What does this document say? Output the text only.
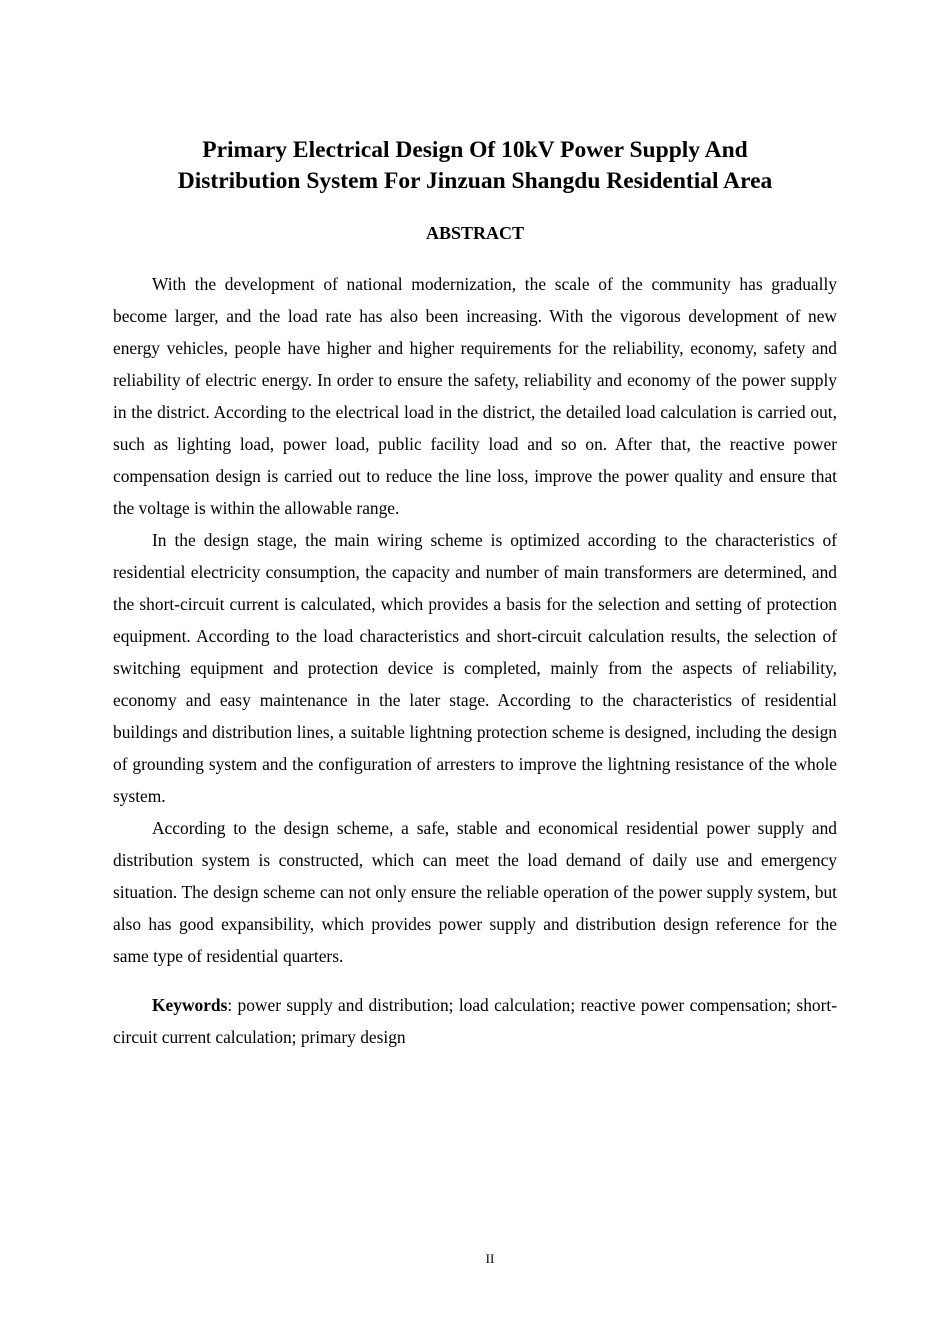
Primary Electrical Design Of 10kV Power Supply And
Distribution System For Jinzuan Shangdu Residential Area
ABSTRACT

With the development of national modernization, the scale of the community has gradually become larger, and the load rate has also been increasing. With the vigorous development of new energy vehicles, people have higher and higher requirements for the reliability, economy, safety and reliability of electric energy. In order to ensure the safety, reliability and economy of the power supply in the district. According to the electrical load in the district, the detailed load calculation is carried out, such as lighting load, power load, public facility load and so on. After that, the reactive power compensation design is carried out to reduce the line loss, improve the power quality and ensure that the voltage is within the allowable range.

In the design stage, the main wiring scheme is optimized according to the characteristics of residential electricity consumption, the capacity and number of main transformers are determined, and the short-circuit current is calculated, which provides a basis for the selection and setting of protection equipment. According to the load characteristics and short-circuit calculation results, the selection of switching equipment and protection device is completed, mainly from the aspects of reliability, economy and easy maintenance in the later stage. According to the characteristics of residential buildings and distribution lines, a suitable lightning protection scheme is designed, including the design of grounding system and the configuration of arresters to improve the lightning resistance of the whole system.

According to the design scheme, a safe, stable and economical residential power supply and distribution system is constructed, which can meet the load demand of daily use and emergency situation. The design scheme can not only ensure the reliable operation of the power supply system, but also has good expansibility, which provides power supply and distribution design reference for the same type of residential quarters.

Keywords: power supply and distribution; load calculation; reactive power compensation; short-circuit current calculation; primary design
II
